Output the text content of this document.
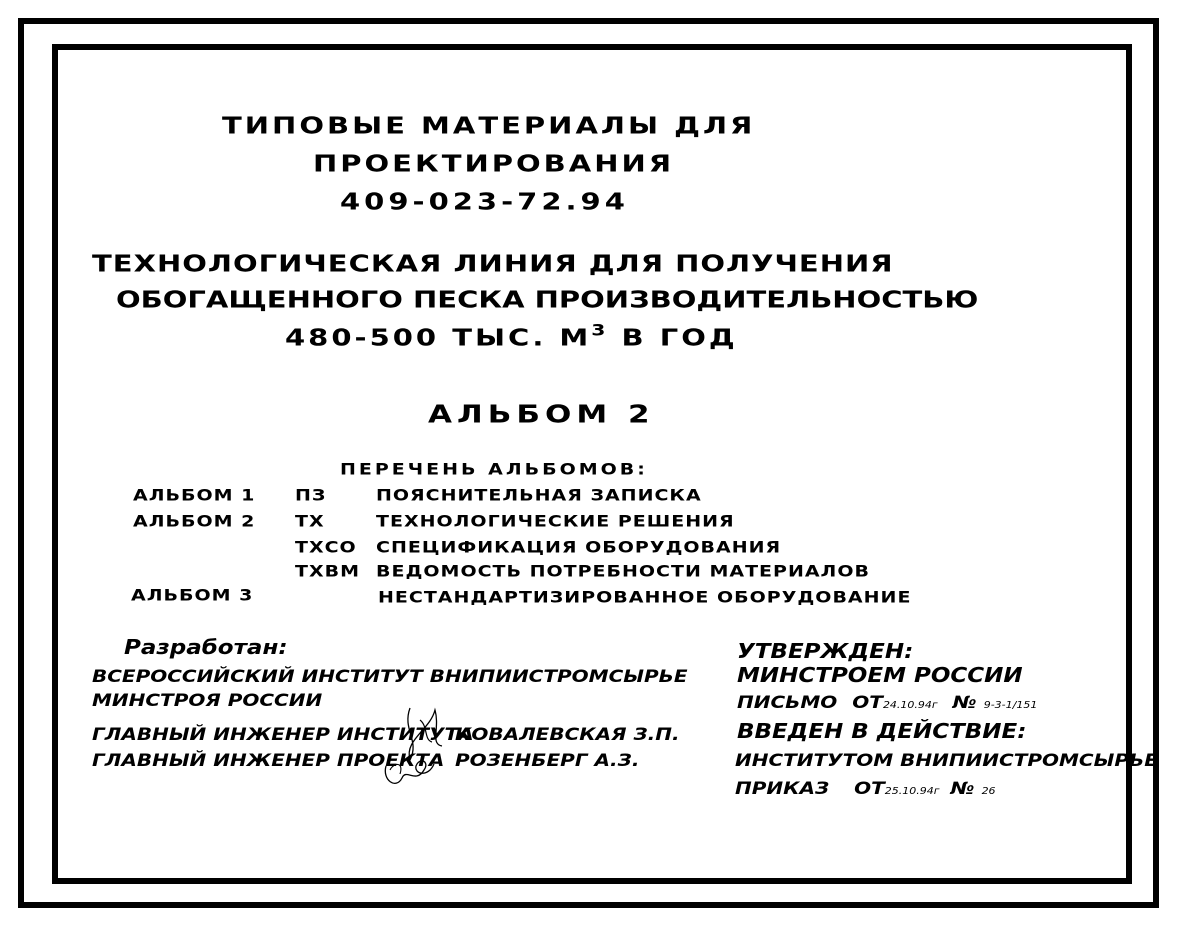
ТИПОВЫЕ МАТЕРИАЛЫ ДЛЯ
ПРОЕКТИРОВАНИЯ
409-023-72.94
ТЕХНОЛОГИЧЕСКАЯ ЛИНИЯ ДЛЯ ПОЛУЧЕНИЯ
ОБОГАЩЕННОГО ПЕСКА ПРОИЗВОДИТЕЛЬНОСТЬЮ
480-500 ТЫС. $М^3$ В ГОД
АЛЬБОМ 2
ПЕРЕЧЕНЬ АЛЬБОМОВ:
АЛЬБОМ 1 ПЗ	ПОЯСНИТЕЛЬНАЯ ЗАПИСКА
АЛЬБОМ 2 ТХ	ТЕХНОЛОГИЧЕСКИЕ РЕШЕНИЯ
ТХСО СПЕЦИФИКАЦИЯ ОБОРУДОВАНИЯ
ТХВМ ВЕДОМОСТЬ ПОТРЕБНОСТИ МАТЕРИАЛОВ
АЛЬБОМ 3	НЕСТАНДАРТИЗИРОВАННОЕ ОБОРУДОВАНИЕ
Разработан:
ВСЕРОССИЙСКИЙ ИНСТИТУТ ВНИПИИСТРОМСЫРЬЕ
МИНСТРОЯ РОССИИ
ГЛАВНЫЙ ИНЖЕНЕР ИНСТИТУТА
КОВАЛЕВСКАЯ З.П.
ГЛАВНЫЙ ИНЖЕНЕР ПРОЕКТА РОЗЕНБЕРГ А.З.
УТВЕРЖДЕН:
МИНСТРОЕМ РОССИИ
ПИСЬМО ОТ24.10.94г № 9-3-1/151
ВВЕДЕН В ДЕЙСТВИЕ:
ИНСТИТУТОМ ВНИПИИСТРОМСЫРЬЕ
ПРИКАЗ ОТ25.10.94г № 26
